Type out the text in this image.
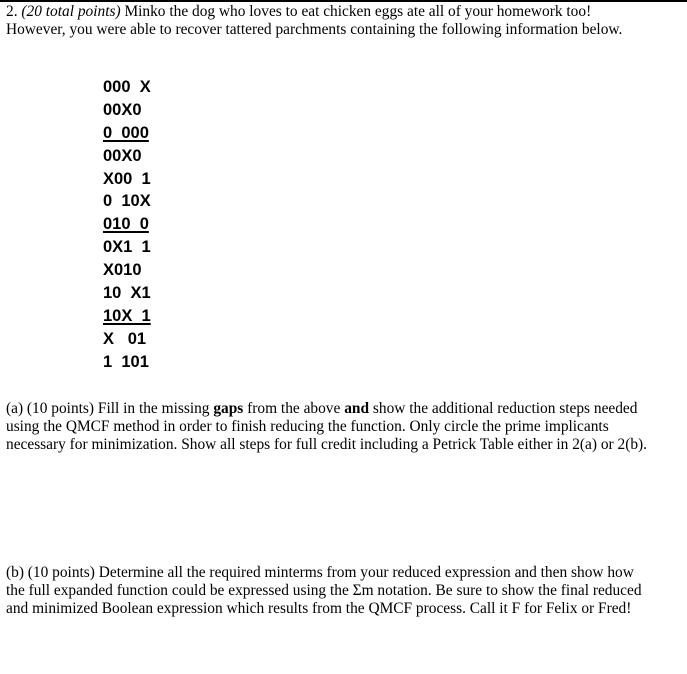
2. (20 total points) Minko the dog who loves to eat chicken eggs ate all of your homework too!
However, you were able to recover tattered parchments containing the following information below.
000  X
00X0
0  000
00X0
X00  1
0  10X
010  0
0X1  1
X010
10  X1
10X  1
X   01
1  101
(a) (10 points) Fill in the missing gaps from the above and show the additional reduction steps needed
using the QMCF method in order to finish reducing the function. Only circle the prime implicants
necessary for minimization. Show all steps for full credit including a Petrick Table either in 2(a) or 2(b).
(b) (10 points) Determine all the required minterms from your reduced expression and then show how
the full expanded function could be expressed using the Σm notation. Be sure to show the final reduced
and minimized Boolean expression which results from the QMCF process. Call it F for Felix or Fred!
